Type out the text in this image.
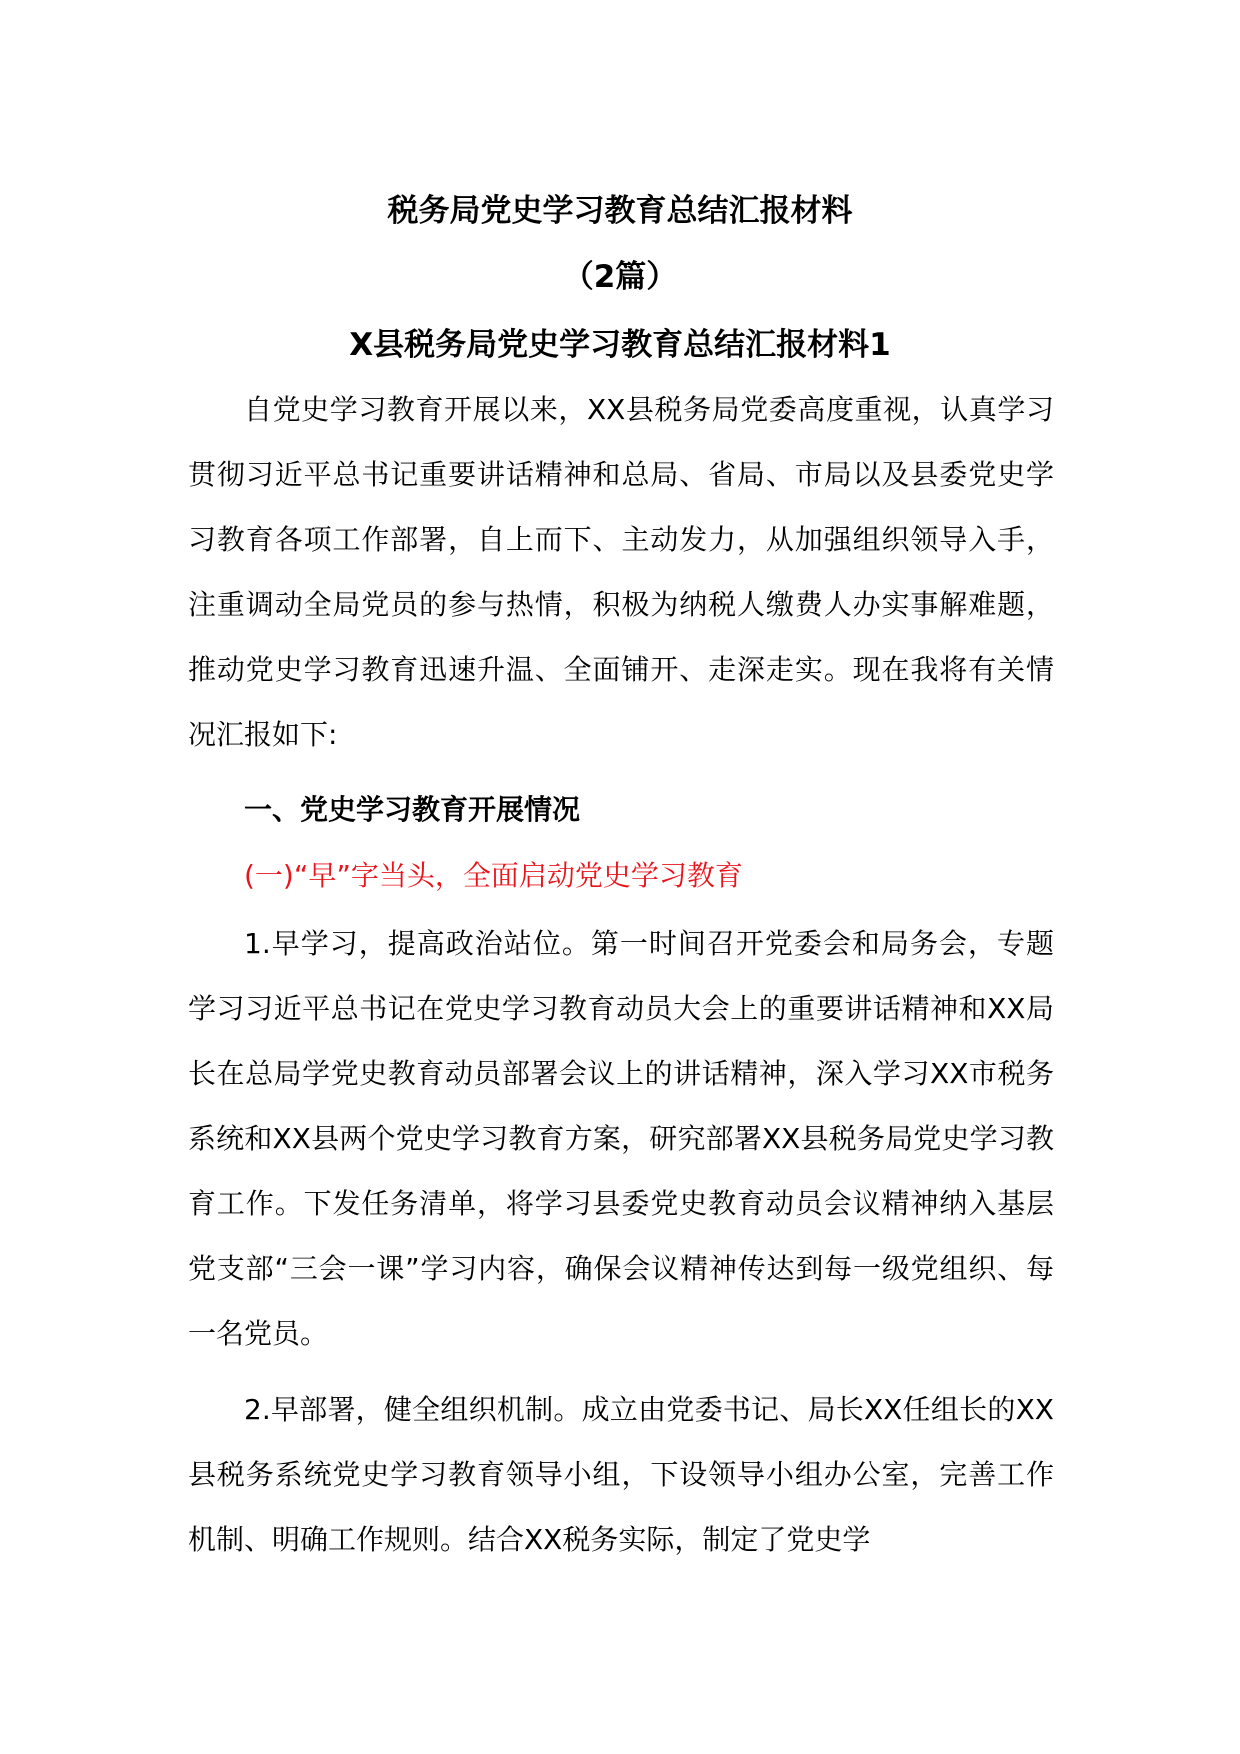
税务局党史学习教育总结汇报材料

（2篇）

X县税务局党史学习教育总结汇报材料1

自党史学习教育开展以来，XX县税务局党委高度重视，认真学习贯彻习近平总书记重要讲话精神和总局、省局、市局以及县委党史学习教育各项工作部署，自上而下、主动发力，从加强组织领导入手，注重调动全局党员的参与热情，积极为纳税人缴费人办实事解难题，推动党史学习教育迅速升温、全面铺开、走深走实。现在我将有关情况汇报如下:

一、党史学习教育开展情况

(一)“早”字当头，全面启动党史学习教育

1.早学习，提高政治站位。第一时间召开党委会和局务会，专题学习习近平总书记在党史学习教育动员大会上的重要讲话精神和XX局长在总局学党史教育动员部署会议上的讲话精神，深入学习XX市税务系统和XX县两个党史学习教育方案，研究部署XX县税务局党史学习教育工作。下发任务清单，将学习县委党史教育动员会议精神纳入基层党支部“三会一课”学习内容，确保会议精神传达到每一级党组织、每一名党员。

2.早部署，健全组织机制。成立由党委书记、局长XX任组长的XX县税务系统党史学习教育领导小组，下设领导小组办公室，完善工作机制、明确工作规则。结合XX税务实际，制定了党史学
